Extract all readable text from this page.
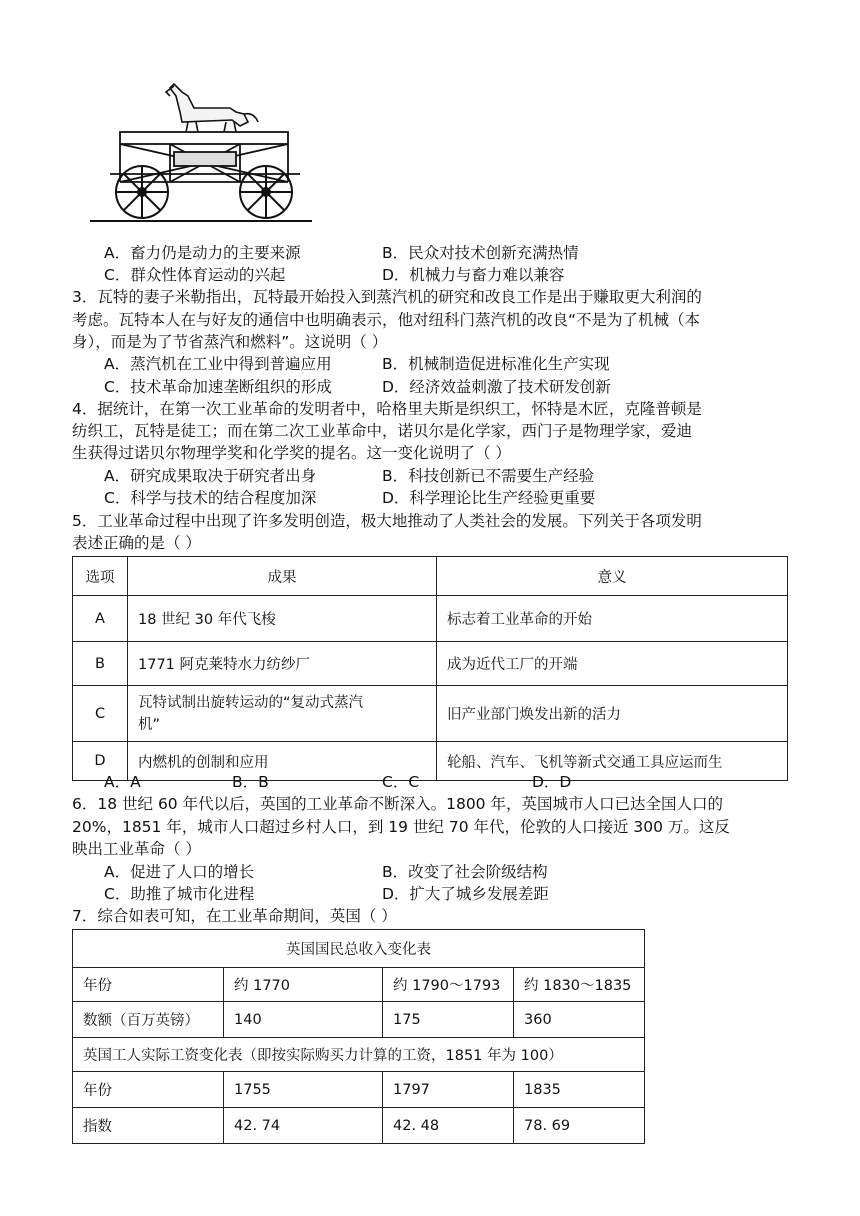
A．畜力仍是动力的主要来源	B．民众对技术创新充满热情
C．群众性体育运动的兴起	D．机械力与畜力难以兼容
3．瓦特的妻子米勒指出，瓦特最开始投入到蒸汽机的研究和改良工作是出于赚取更大利润的
考虑。瓦特本人在与好友的通信中也明确表示，他对纽科门蒸汽机的改良“不是为了机械（本
身），而是为了节省蒸汽和燃料”。这说明（ ）
A．蒸汽机在工业中得到普遍应用	B．机械制造促进标准化生产实现
C．技术革命加速垄断组织的形成	D．经济效益刺激了技术研发创新
4．据统计，在第一次工业革命的发明者中，哈格里夫斯是织织工，怀特是木匠，克隆普顿是
纺织工，瓦特是徒工；而在第二次工业革命中，诺贝尔是化学家，西门子是物理学家，爱迪
生获得过诺贝尔物理学奖和化学奖的提名。这一变化说明了（ ）
A．研究成果取决于研究者出身	B．科技创新已不需要生产经验
C．科学与技术的结合程度加深	D．科学理论比生产经验更重要
5．工业革命过程中出现了许多发明创造，极大地推动了人类社会的发展。下列关于各项发明
表述正确的是（ ）
选项	成果	意义
A	18 世纪 30 年代飞梭	标志着工业革命的开始
B	1771 阿克莱特水力纺纱厂	成为近代工厂的开端
C	瓦特试制出旋转运动的“复动式蒸汽
机”	旧产业部门焕发出新的活力
D	内燃机的创制和应用	轮船、汽车、飞机等新式交通工具应运而生
A．A	B．B	C．C	D．D
6．18 世纪 60 年代以后，英国的工业革命不断深入。1800 年，英国城市人口已达全国人口的
20%，1851 年，城市人口超过乡村人口，到 19 世纪 70 年代，伦敦的人口接近 300 万。这反
映出工业革命（ ）
A．促进了人口的增长	B．改变了社会阶级结构
C．助推了城市化进程	D．扩大了城乡发展差距
7．综合如表可知，在工业革命期间，英国（ ）
英国国民总收入变化表			
年份	约 1770	约 1790～1793	约 1830～1835
数额（百万英镑）	140	175	360
英国工人实际工资变化表（即按实际购买力计算的工资，1851 年为 100）			
年份	1755	1797	1835
指数	42. 74	42. 48	78. 69
